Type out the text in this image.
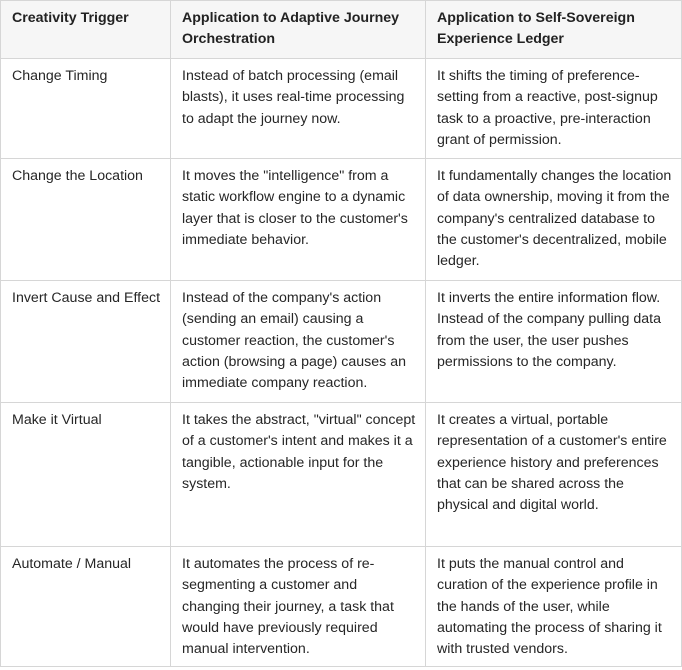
Creativity Trigger	Application to Adaptive Journey Orchestration	Application to Self-Sovereign Experience Ledger
Change Timing	Instead of batch processing (email blasts), it uses real-time processing to adapt the journey now.	It shifts the timing of preference-setting from a reactive, post-signup task to a proactive, pre-interaction grant of permission.
Change the Location	It moves the "intelligence" from a static workflow engine to a dynamic layer that is closer to the customer's immediate behavior.	It fundamentally changes the location of data ownership, moving it from the company's centralized database to the customer's decentralized, mobile ledger.
Invert Cause and Effect	Instead of the company's action (sending an email) causing a customer reaction, the customer's action (browsing a page) causes an immediate company reaction.	It inverts the entire information flow. Instead of the company pulling data from the user, the user pushes permissions to the company.
Make it Virtual	It takes the abstract, "virtual" concept of a customer's intent and makes it a tangible, actionable input for the system.	It creates a virtual, portable representation of a customer's entire experience history and preferences that can be shared across the physical and digital world.
Automate / Manual	It automates the process of re-segmenting a customer and changing their journey, a task that would have previously required manual intervention.	It puts the manual control and curation of the experience profile in the hands of the user, while automating the process of sharing it with trusted vendors.
